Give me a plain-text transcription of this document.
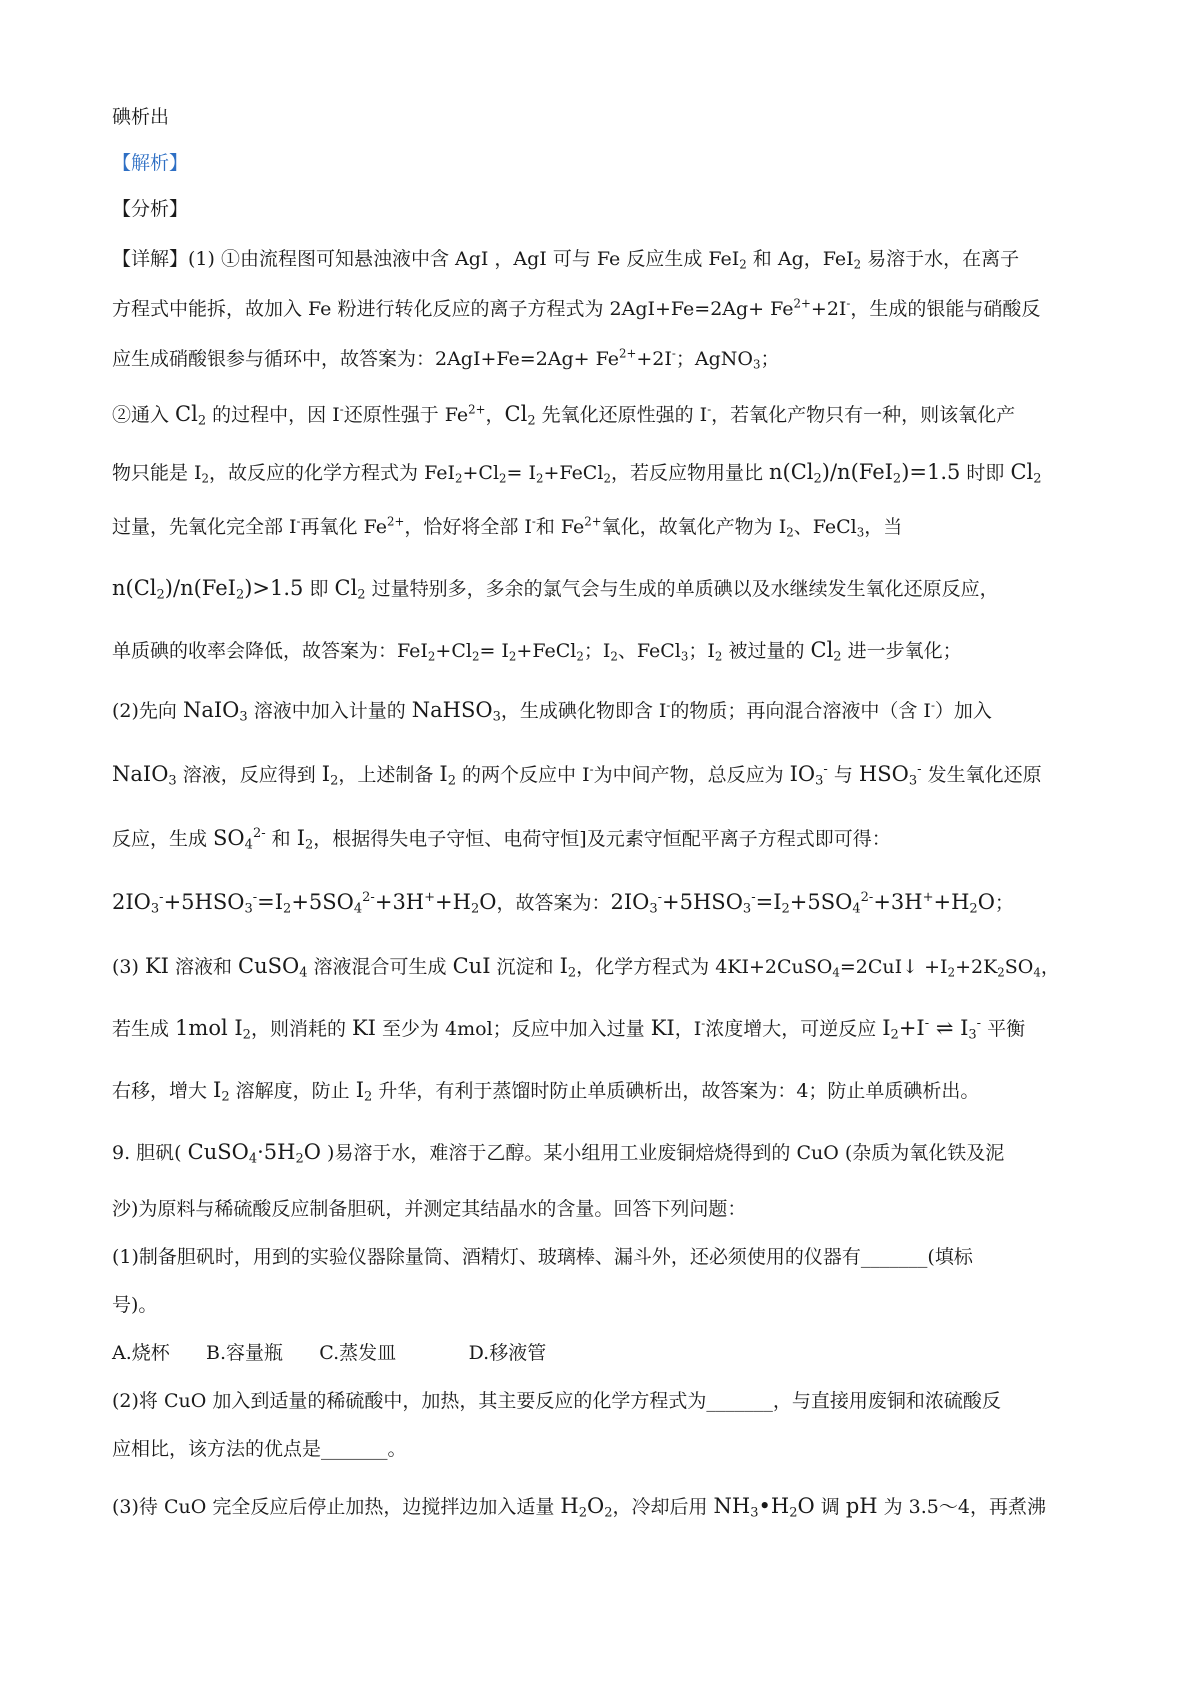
碘析出
【解析】
【分析】
【详解】(1) ①由流程图可知悬浊液中含 AgI ，AgI 可与 Fe 反应生成 FeI$_2$ 和 Ag，FeI$_2$ 易溶于水，在离子
方程式中能拆，故加入 Fe 粉进行转化反应的离子方程式为 $2AgI+Fe=2Ag+ Fe^{2+}+2I^-$，生成的银能与硝酸反
应生成硝酸银参与循环中，故答案为：$2AgI+Fe=2Ag+ Fe^{2+}+2I^-$；AgNO$_3$；
②通入 $Cl_2$ 的过程中，因 I-还原性强于 $Fe^{2+}$，$Cl_2$ 先氧化还原性强的 I-，若氧化产物只有一种，则该氧化产
物只能是 $I_2$，故反应的化学方程式为 $FeI_2+Cl_2=$ $I_2+FeCl_2$，若反应物用量比 $n(Cl_2)/n(FeI_2)=1.5$ 时即 $Cl_2$
过量，先氧化完全部 I-再氧化 $Fe^{2+}$，恰好将全部 I-和 $Fe^{2+}$氧化，故氧化产物为 $I_2$、FeCl$_3$，当
$n(Cl_2)/n(FeI_2)>1.5$ 即 $Cl_2$ 过量特别多，多余的氯气会与生成的单质碘以及水继续发生氧化还原反应，
单质碘的收率会降低，故答案为：$FeI_2+Cl_2=$ $I_2+FeCl_2$；$I_2$、FeCl$_3$；$I_2$ 被过量的 $Cl_2$ 进一步氧化；
(2)先向 NaIO$_3$ 溶液中加入计量的 NaHSO$_3$，生成碘化物即含 I-的物质；再向混合溶液中（含 I-）加入
NaIO$_3$ 溶液，反应得到 $I_2$，上述制备 $I_2$ 的两个反应中 I-为中间产物，总反应为 $IO_3^-$ 与 $HSO_3^-$ 发生氧化还原
反应，生成 $SO_4^{2-}$ 和 $I_2$，根据得失电子守恒、电荷守恒]及元素守恒配平离子方程式即可得：
$2IO_3^-+5HSO_3^-=I_2+5SO_4^{2-}+3H^++H_2O$，故答案为：$2IO_3^-+5HSO_3^-=I_2+5SO_4^{2-}+3H^++H_2O$；
(3) KI 溶液和 CuSO$_4$ 溶液混合可生成 CuI 沉淀和 $I_2$，化学方程式为 4KI+2CuSO$_4$=2CuI↓ $+I_2+2K_2SO_4$，
若生成 1mol $I_2$，则消耗的 KI 至少为 4mol；反应中加入过量 KI，I-浓度增大，可逆反应 $I_2+I^-$ ⇌ $I_3^-$ 平衡
右移，增大 $I_2$ 溶解度，防止 $I_2$ 升华，有利于蒸馏时防止单质碘析出，故答案为：4；防止单质碘析出。
9. 胆矾( $CuSO_4\cdot 5H_2O$ )易溶于水，难溶于乙醇。某小组用工业废铜焙烧得到的 CuO (杂质为氧化铁及泥
沙)为原料与稀硫酸反应制备胆矾，并测定其结晶水的含量。回答下列问题：
(1)制备胆矾时，用到的实验仪器除量筒、酒精灯、玻璃棒、漏斗外，还必须使用的仪器有_______(填标
号)。
A.烧杯      B.容量瓶      C.蒸发皿            D.移液管
(2)将 CuO 加入到适量的稀硫酸中，加热，其主要反应的化学方程式为_______，与直接用废铜和浓硫酸反
应相比，该方法的优点是_______。
(3)待 CuO 完全反应后停止加热，边搅拌边加入适量 $H_2O_2$，冷却后用 $NH_3•H_2O$ 调 pH 为 3.5～4，再煮沸
